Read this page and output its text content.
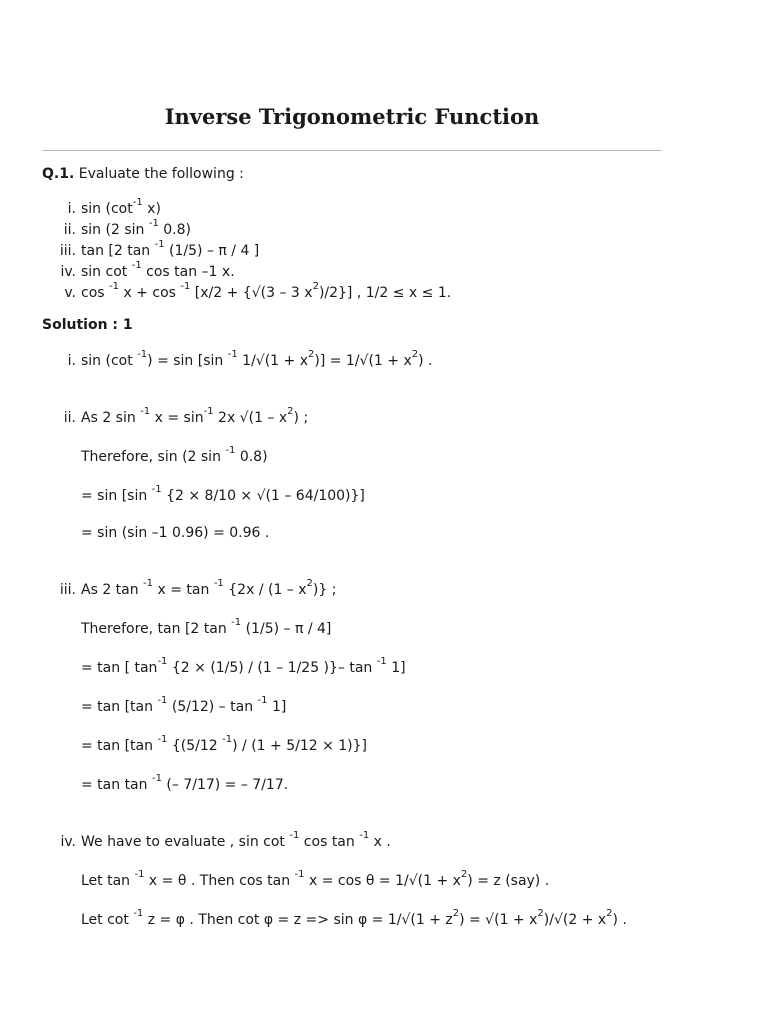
Inverse Trigonometric Function
Q.1. Evaluate the following :
i. $\sin (\cot^{-1}$ x)
ii. sin (2 sin $^{-1}$ 0.8)
iii. tan [2 tan $^{-1}$ (1/5) – π / 4 ]
iv. sin cot $^{-1}$ cos tan –1 x.
v. cos $^{-1}$ x + cos $^{-1}$ [x/2 + {√(3 – 3 $x^2)/2$}] , 1/2 ≤ x ≤ 1.
Solution : 1
i. sin (cot $^{-1}$) = sin [sin $^{-1}$ $1/√(1 + x^2)] = 1/√(1 + x^2)$ .
ii. As 2 sin $^{-1}$ $x = \sin^{-1} 2x$ $√(1 - x^2)$ ;
Therefore, sin (2 sin $^{-1}$ 0.8)
= sin [sin $^{-1}$ {2 × 8/10 × √(1 – 64/100)}]
= sin (sin –1 0.96) = 0.96 .
iii. As 2 tan $^{-1}$ x = tan $^{-1}$ $\{2x / (1 - x^2)\}$ ;
Therefore, tan [2 tan $^{-1}$ (1/5) – π / 4]
= tan [ $\tan^{-1} \{2 \times (1/5) / (1 - 1/25$ )}– tan $^{-1}$ 1]
= tan [tan $^{-1}$ (5/12) – tan $^{-1}$ 1]
= tan [tan $^{-1}$ {(5/12 $^{-1}$) / (1 + 5/12 × 1)}]
= tan tan $^{-1}$ (– 7/17) = – 7/17.
iv. We have to evaluate , sin cot $^{-1}$ cos tan $^{-1}$ x .
Let tan $^{-1}$ x = θ . Then cos tan $^{-1}$ $x = \cos \theta = 1/√(1 + x^2) = z$ (say) .
Let cot $^{-1}$ z = φ . Then $\cot \varphi = z => \sin \varphi = 1/√(1 + z^2) = √(1 + x^2)/√(2 + x^2)$ .
